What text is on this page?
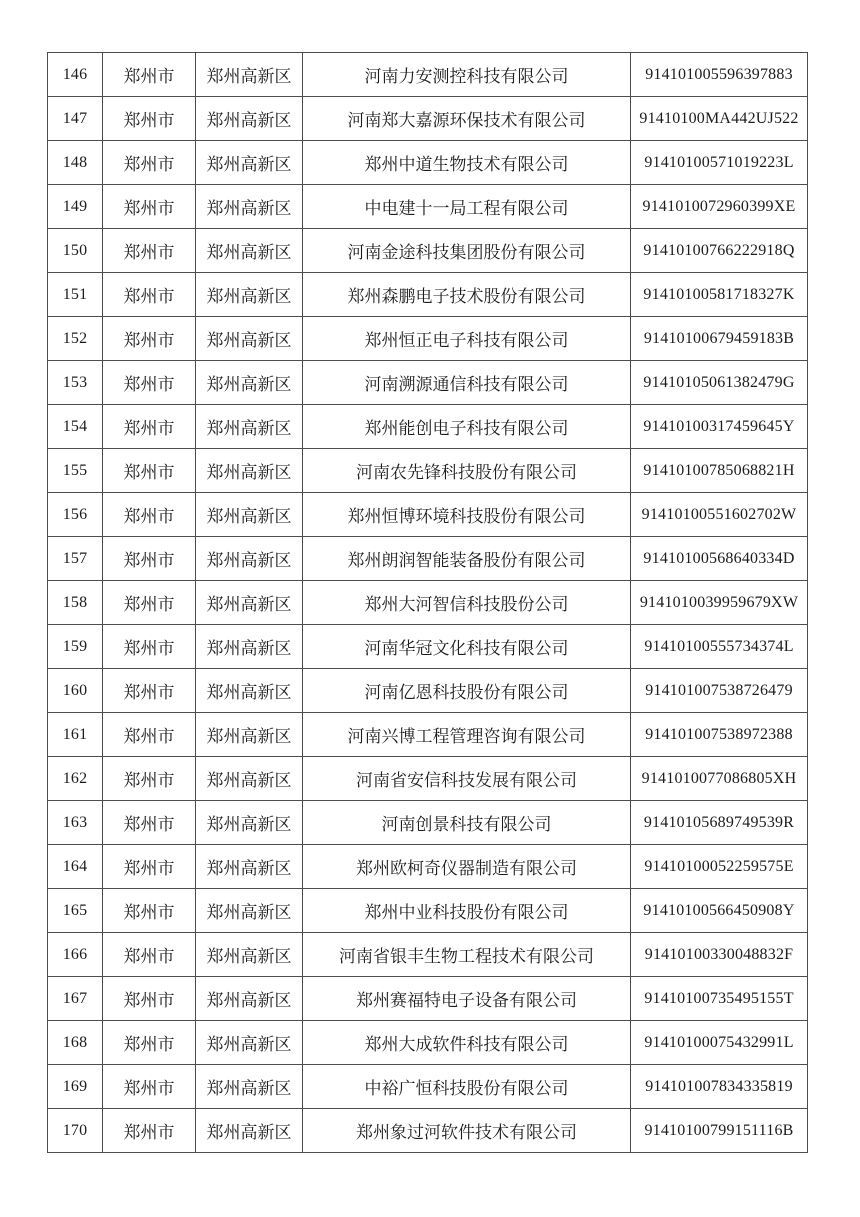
146	郑州市	郑州高新区	河南力安测控科技有限公司	914101005596397883
147	郑州市	郑州高新区	河南郑大嘉源环保技术有限公司	91410100MA442UJ522
148	郑州市	郑州高新区	郑州中道生物技术有限公司	91410100571019223L
149	郑州市	郑州高新区	中电建十一局工程有限公司	9141010072960399XE
150	郑州市	郑州高新区	河南金途科技集团股份有限公司	91410100766222918Q
151	郑州市	郑州高新区	郑州森鹏电子技术股份有限公司	91410100581718327K
152	郑州市	郑州高新区	郑州恒正电子科技有限公司	91410100679459183B
153	郑州市	郑州高新区	河南溯源通信科技有限公司	91410105061382479G
154	郑州市	郑州高新区	郑州能创电子科技有限公司	91410100317459645Y
155	郑州市	郑州高新区	河南农先锋科技股份有限公司	91410100785068821H
156	郑州市	郑州高新区	郑州恒博环境科技股份有限公司	91410100551602702W
157	郑州市	郑州高新区	郑州朗润智能装备股份有限公司	91410100568640334D
158	郑州市	郑州高新区	郑州大河智信科技股份公司	9141010039959679XW
159	郑州市	郑州高新区	河南华冠文化科技有限公司	91410100555734374L
160	郑州市	郑州高新区	河南亿恩科技股份有限公司	914101007538726479
161	郑州市	郑州高新区	河南兴博工程管理咨询有限公司	914101007538972388
162	郑州市	郑州高新区	河南省安信科技发展有限公司	9141010077086805XH
163	郑州市	郑州高新区	河南创景科技有限公司	91410105689749539R
164	郑州市	郑州高新区	郑州欧柯奇仪器制造有限公司	91410100052259575E
165	郑州市	郑州高新区	郑州中业科技股份有限公司	91410100566450908Y
166	郑州市	郑州高新区	河南省银丰生物工程技术有限公司	91410100330048832F
167	郑州市	郑州高新区	郑州赛福特电子设备有限公司	91410100735495155T
168	郑州市	郑州高新区	郑州大成软件科技有限公司	91410100075432991L
169	郑州市	郑州高新区	中裕广恒科技股份有限公司	914101007834335819
170	郑州市	郑州高新区	郑州象过河软件技术有限公司	91410100799151116B
